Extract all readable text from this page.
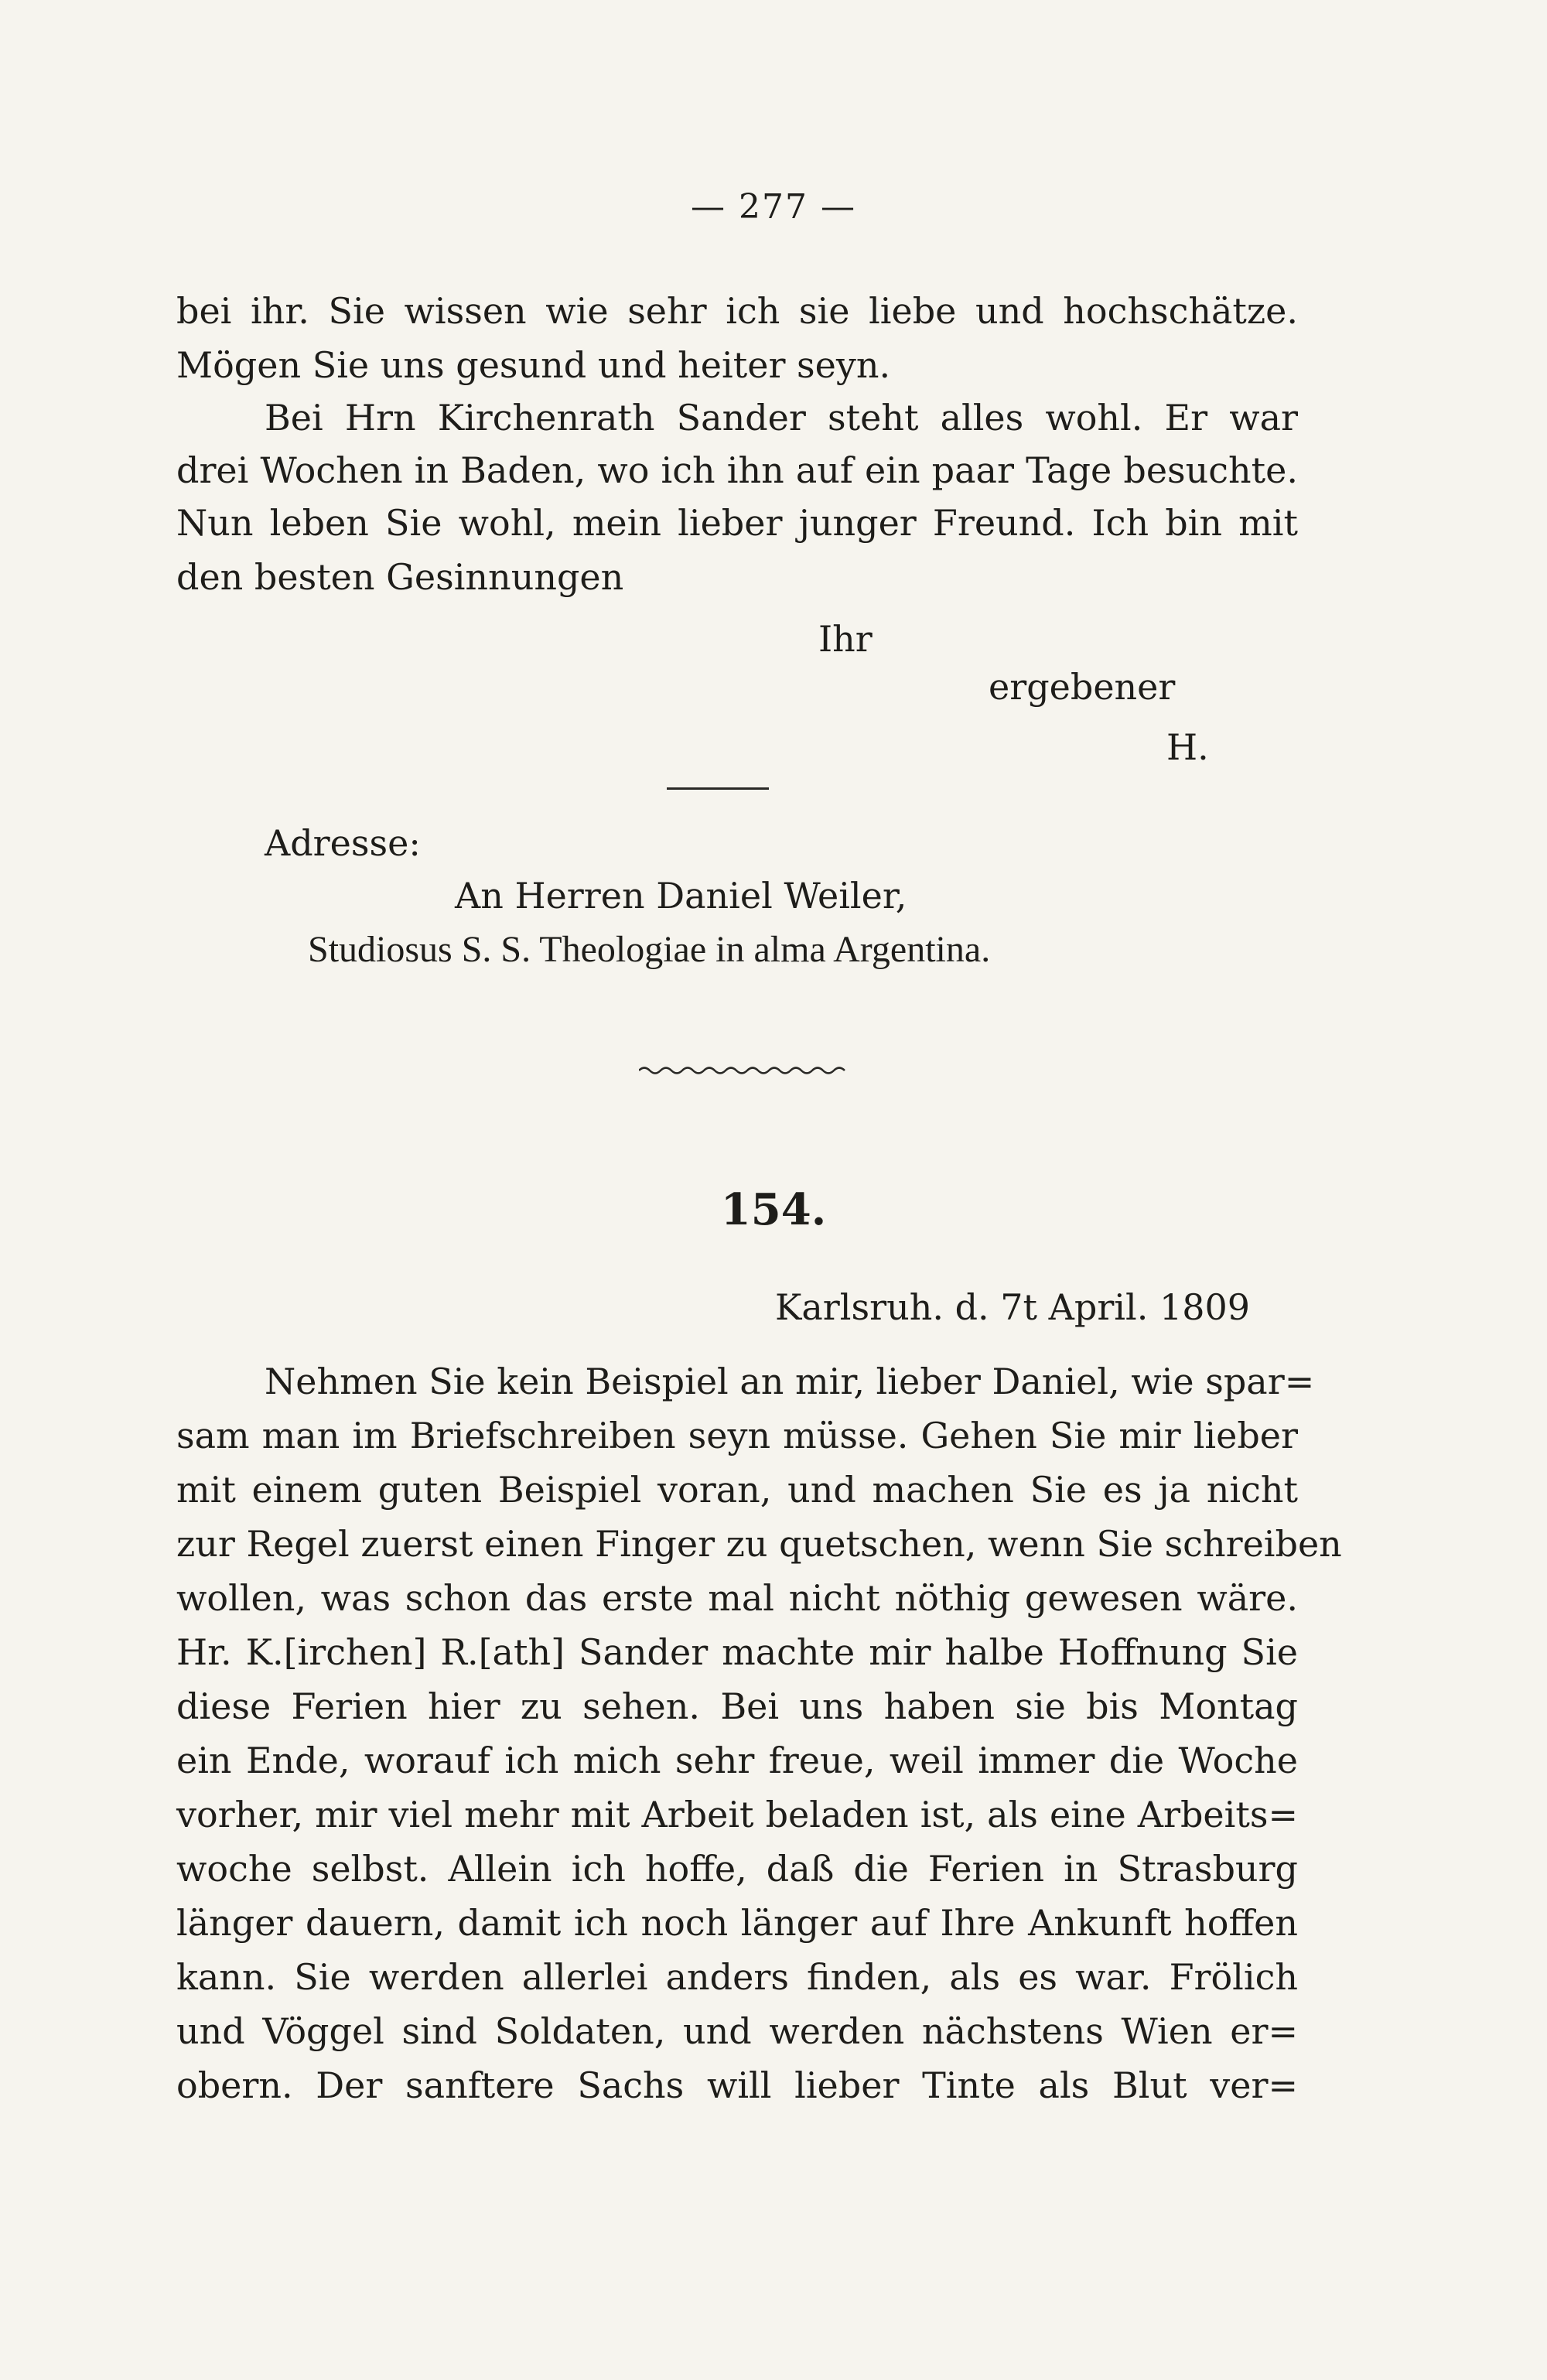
— 277 —
bei ihr. Sie wissen wie sehr ich sie liebe und hochschätze.
Mögen Sie uns gesund und heiter seyn.
Bei Hrn Kirchenrath Sander steht alles wohl. Er war
drei Wochen in Baden, wo ich ihn auf ein paar Tage besuchte.
Nun leben Sie wohl, mein lieber junger Freund. Ich bin mit
den besten Gesinnungen
Ihr
ergebener
H.
Adresse:
An Herren Daniel Weiler,
Studiosus S. S. Theologiae in alma Argentina.
154.
Karlsruh. d. 7t April. 1809
Nehmen Sie kein Beispiel an mir, lieber Daniel, wie spar=
sam man im Briefschreiben seyn müsse. Gehen Sie mir lieber
mit einem guten Beispiel voran, und machen Sie es ja nicht
zur Regel zuerst einen Finger zu quetschen, wenn Sie schreiben
wollen, was schon das erste mal nicht nöthig gewesen wäre.
Hr. K.[irchen] R.[ath] Sander machte mir halbe Hoffnung Sie
diese Ferien hier zu sehen. Bei uns haben sie bis Montag
ein Ende, worauf ich mich sehr freue, weil immer die Woche
vorher, mir viel mehr mit Arbeit beladen ist, als eine Arbeits=
woche selbst. Allein ich hoffe, daß die Ferien in Strasburg
länger dauern, damit ich noch länger auf Ihre Ankunft hoffen
kann. Sie werden allerlei anders finden, als es war. Frölich
und Vöggel sind Soldaten, und werden nächstens Wien er=
obern. Der sanftere Sachs will lieber Tinte als Blut ver=
